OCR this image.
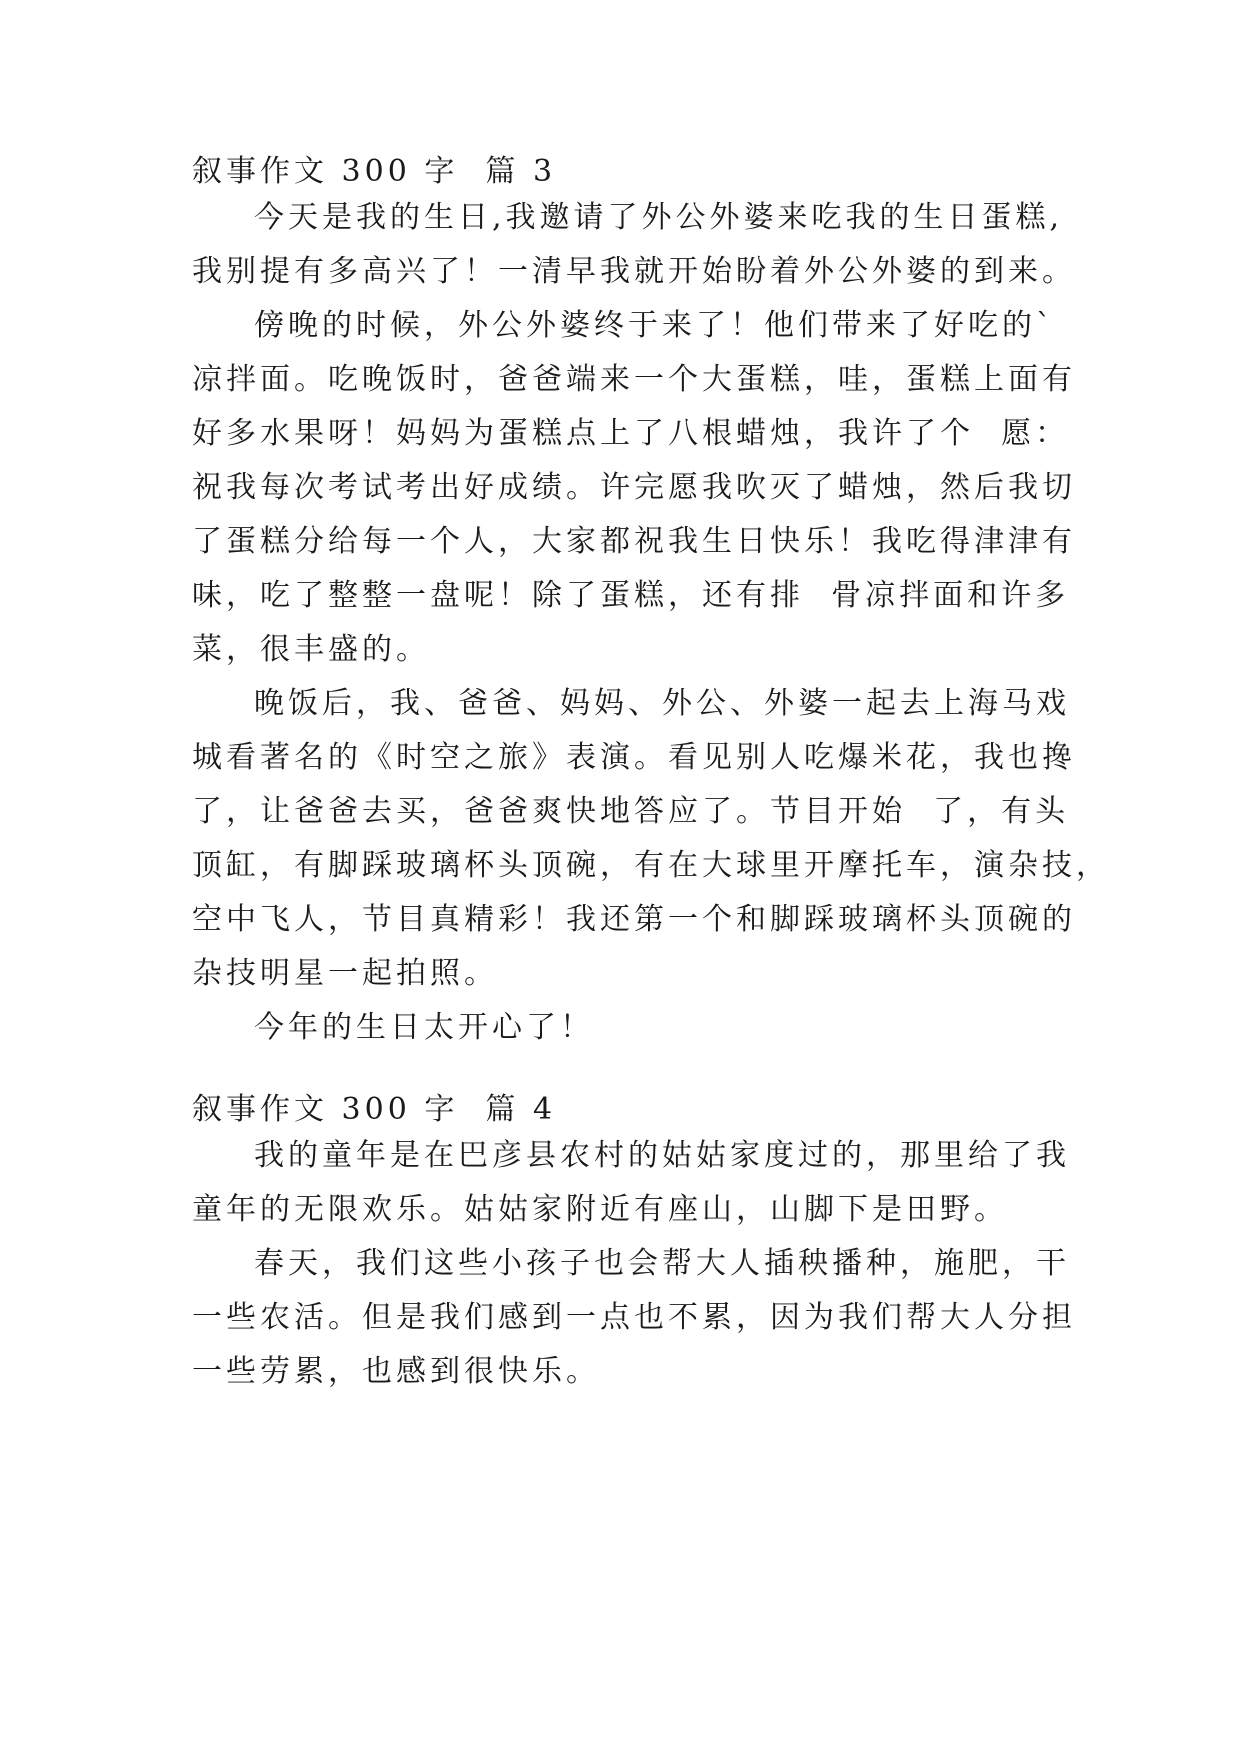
叙事作文 300 字  篇 3
今天是我的生日,我邀请了外公外婆来吃我的生日蛋糕,
我别提有多高兴了！一清早我就开始盼着外公外婆的到来。
傍晚的时候，外公外婆终于来了！他们带来了好吃的`
凉拌面。吃晚饭时，爸爸端来一个大蛋糕，哇，蛋糕上面有
好多水果呀！妈妈为蛋糕点上了八根蜡烛，我许了个  愿：
祝我每次考试考出好成绩。许完愿我吹灭了蜡烛，然后我切
了蛋糕分给每一个人，大家都祝我生日快乐！我吃得津津有
味，吃了整整一盘呢！除了蛋糕，还有排  骨凉拌面和许多
菜，很丰盛的。
晚饭后，我、爸爸、妈妈、外公、外婆一起去上海马戏
城看著名的《时空之旅》表演。看见别人吃爆米花，我也搀
了，让爸爸去买，爸爸爽快地答应了。节目开始  了，有头
顶缸，有脚踩玻璃杯头顶碗，有在大球里开摩托车，演杂技，
空中飞人，节目真精彩！我还第一个和脚踩玻璃杯头顶碗的
杂技明星一起拍照。
今年的生日太开心了！
叙事作文 300 字  篇 4
我的童年是在巴彦县农村的姑姑家度过的，那里给了我
童年的无限欢乐。姑姑家附近有座山，山脚下是田野。
春天，我们这些小孩子也会帮大人插秧播种，施肥，干
一些农活。但是我们感到一点也不累，因为我们帮大人分担
一些劳累，也感到很快乐。
